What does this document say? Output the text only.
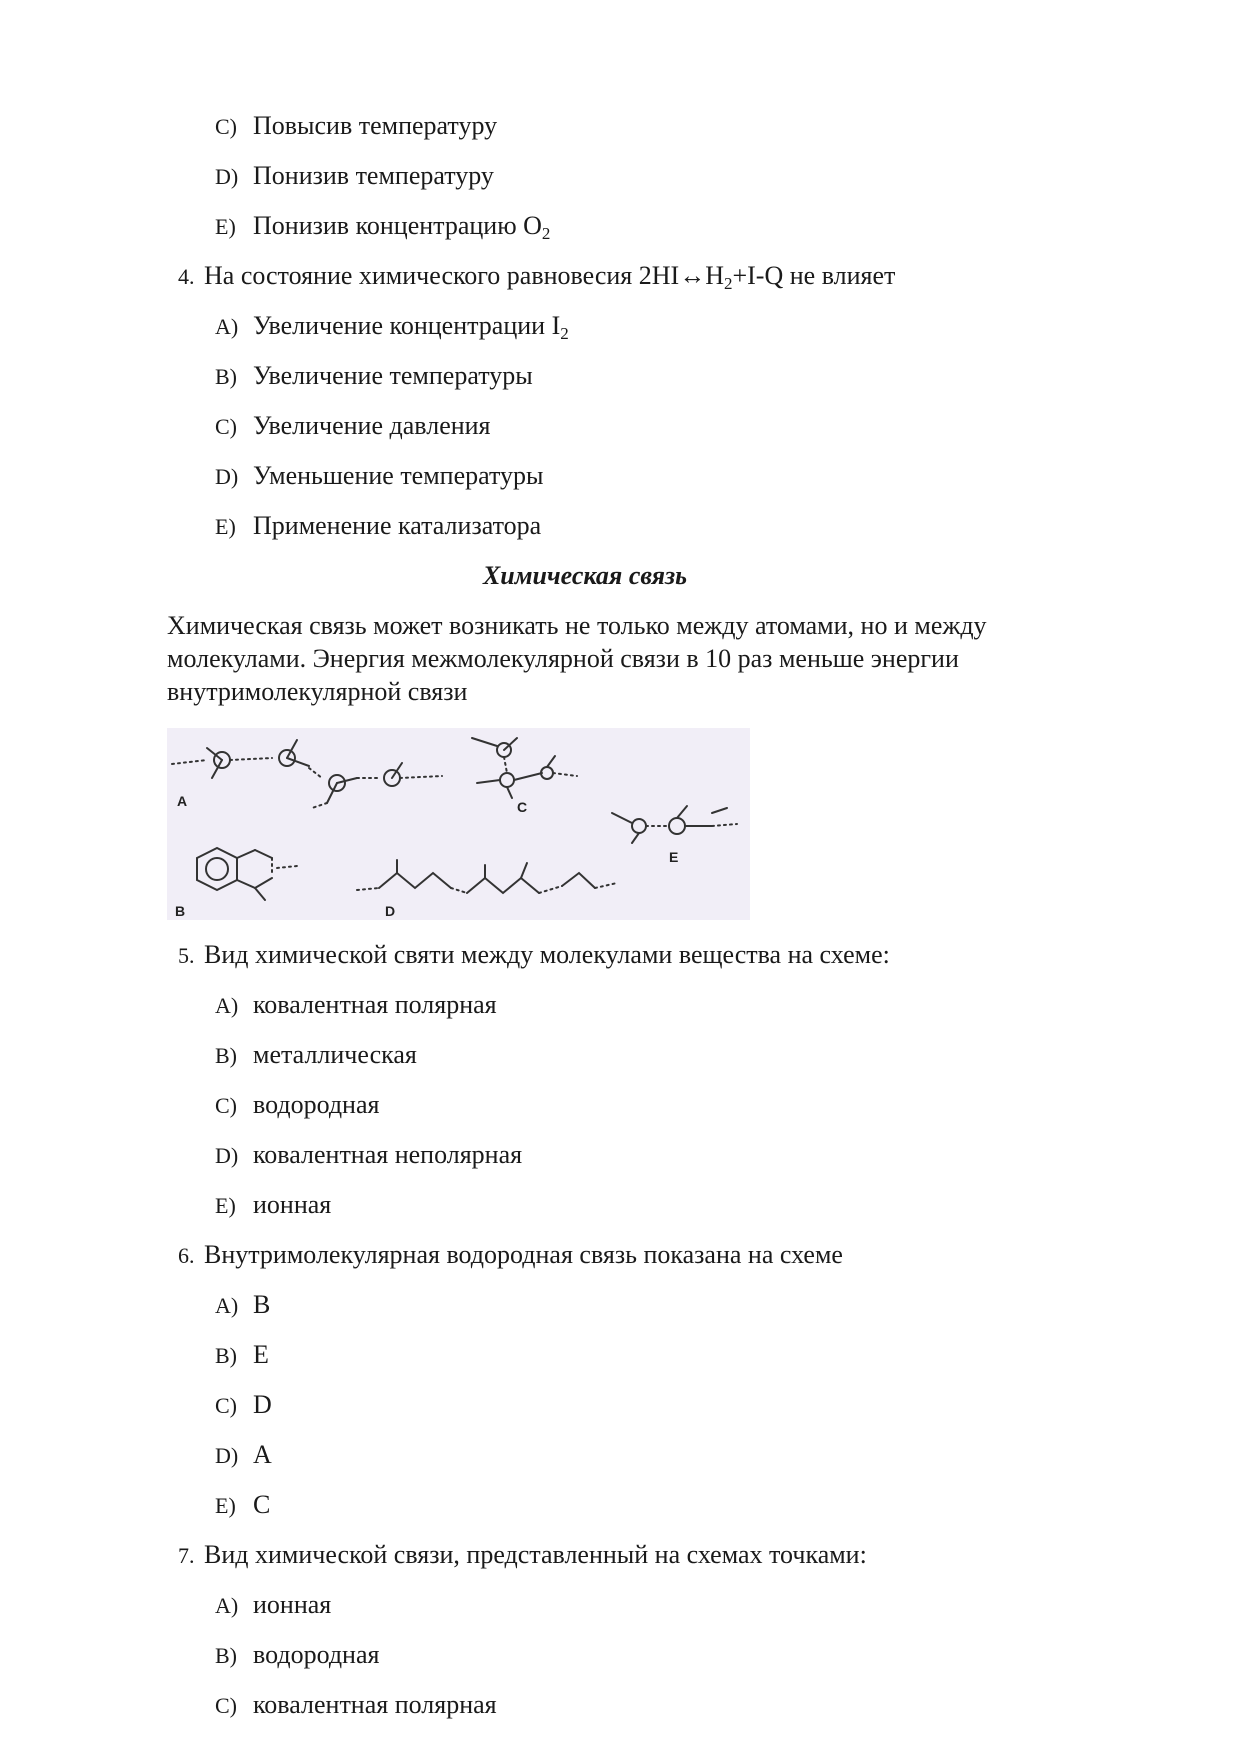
C) Повысив температуру
D) Понизив температуру
E) Понизив концентрацию $O_2$
4. На состояние химического равновесия $2HI\leftrightarrow H_2+I-Q$ не влияет
A) Увеличение концентрации $I_2$
B) Увеличение температуры
C) Увеличение давления
D) Уменьшение температуры
E) Применение катализатора
Химическая связь
Химическая связь может возникать не только между атомами, но и между молекулами. Энергия межмолекулярной связи в 10 раз меньше энергии внутримолекулярной связи
A
B
C
D
E
5. Вид химической святи между молекулами вещества на схеме:
A) ковалентная полярная
B) металлическая
C) водородная
D) ковалентная неполярная
E) ионная
6. Внутримолекулярная водородная связь показана на схеме
A) B
B) E
C) D
D) A
E) C
7. Вид химической связи, представленный на схемах точками:
A) ионная
B) водородная
C) ковалентная полярная
